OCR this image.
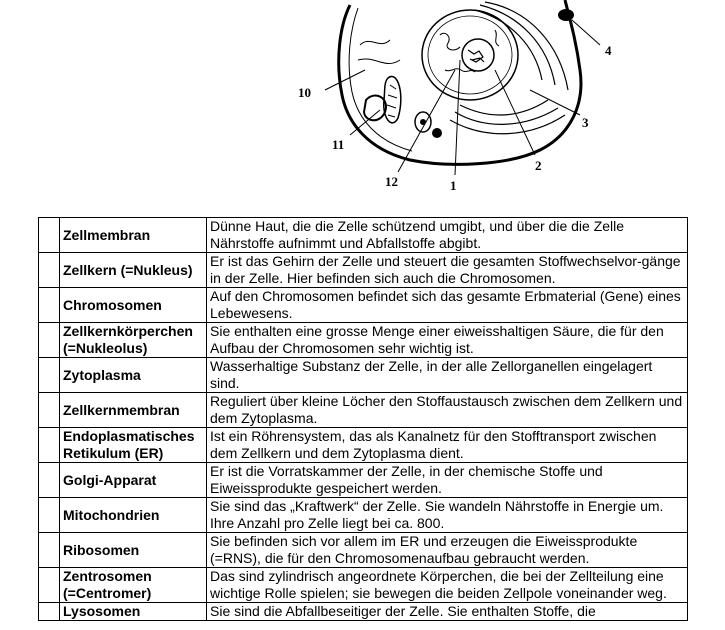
4
3
2
1
12
11
10
	Zellmembran	Dünne Haut, die die Zelle schützend umgibt, und über die die Zelle Nährstoffe aufnimmt und Abfallstoffe abgibt.
	Zellkern (=Nukleus)	Er ist das Gehirn der Zelle und steuert die gesamten Stoffwechselvor-gänge in der Zelle. Hier befinden sich auch die Chromosomen.
	Chromosomen	Auf den Chromosomen befindet sich das gesamte Erbmaterial (Gene) eines Lebewesens.
	Zellkernkörperchen (=Nukleolus)	Sie enthalten eine grosse Menge einer eiweisshaltigen Säure, die für den Aufbau der Chromosomen sehr wichtig ist.
	Zytoplasma	Wasserhaltige Substanz der Zelle, in der alle Zellorganellen eingelagert sind.
	Zellkernmembran	Reguliert über kleine Löcher den Stoffaustausch zwischen dem Zellkern und dem Zytoplasma.
	Endoplasmatisches Retikulum (ER)	Ist ein Röhrensystem, das als Kanalnetz für den Stofftransport zwischen dem Zellkern und dem Zytoplasma dient.
	Golgi-Apparat	Er ist die Vorratskammer der Zelle, in der chemische Stoffe und Eiweissprodukte gespeichert werden.
	Mitochondrien	Sie sind das „Kraftwerk“ der Zelle. Sie wandeln Nährstoffe in Energie um. Ihre Anzahl pro Zelle liegt bei ca. 800.
	Ribosomen	Sie befinden sich vor allem im ER und erzeugen die Eiweissprodukte (=RNS), die für den Chromosomenaufbau gebraucht werden.
	Zentrosomen (=Centromer)	Das sind zylindrisch angeordnete Körperchen, die bei der Zellteilung eine wichtige Rolle spielen; sie bewegen die beiden Zellpole voneinander weg.
	Lysosomen	Sie sind die Abfallbeseitiger der Zelle. Sie enthalten Stoffe, die
